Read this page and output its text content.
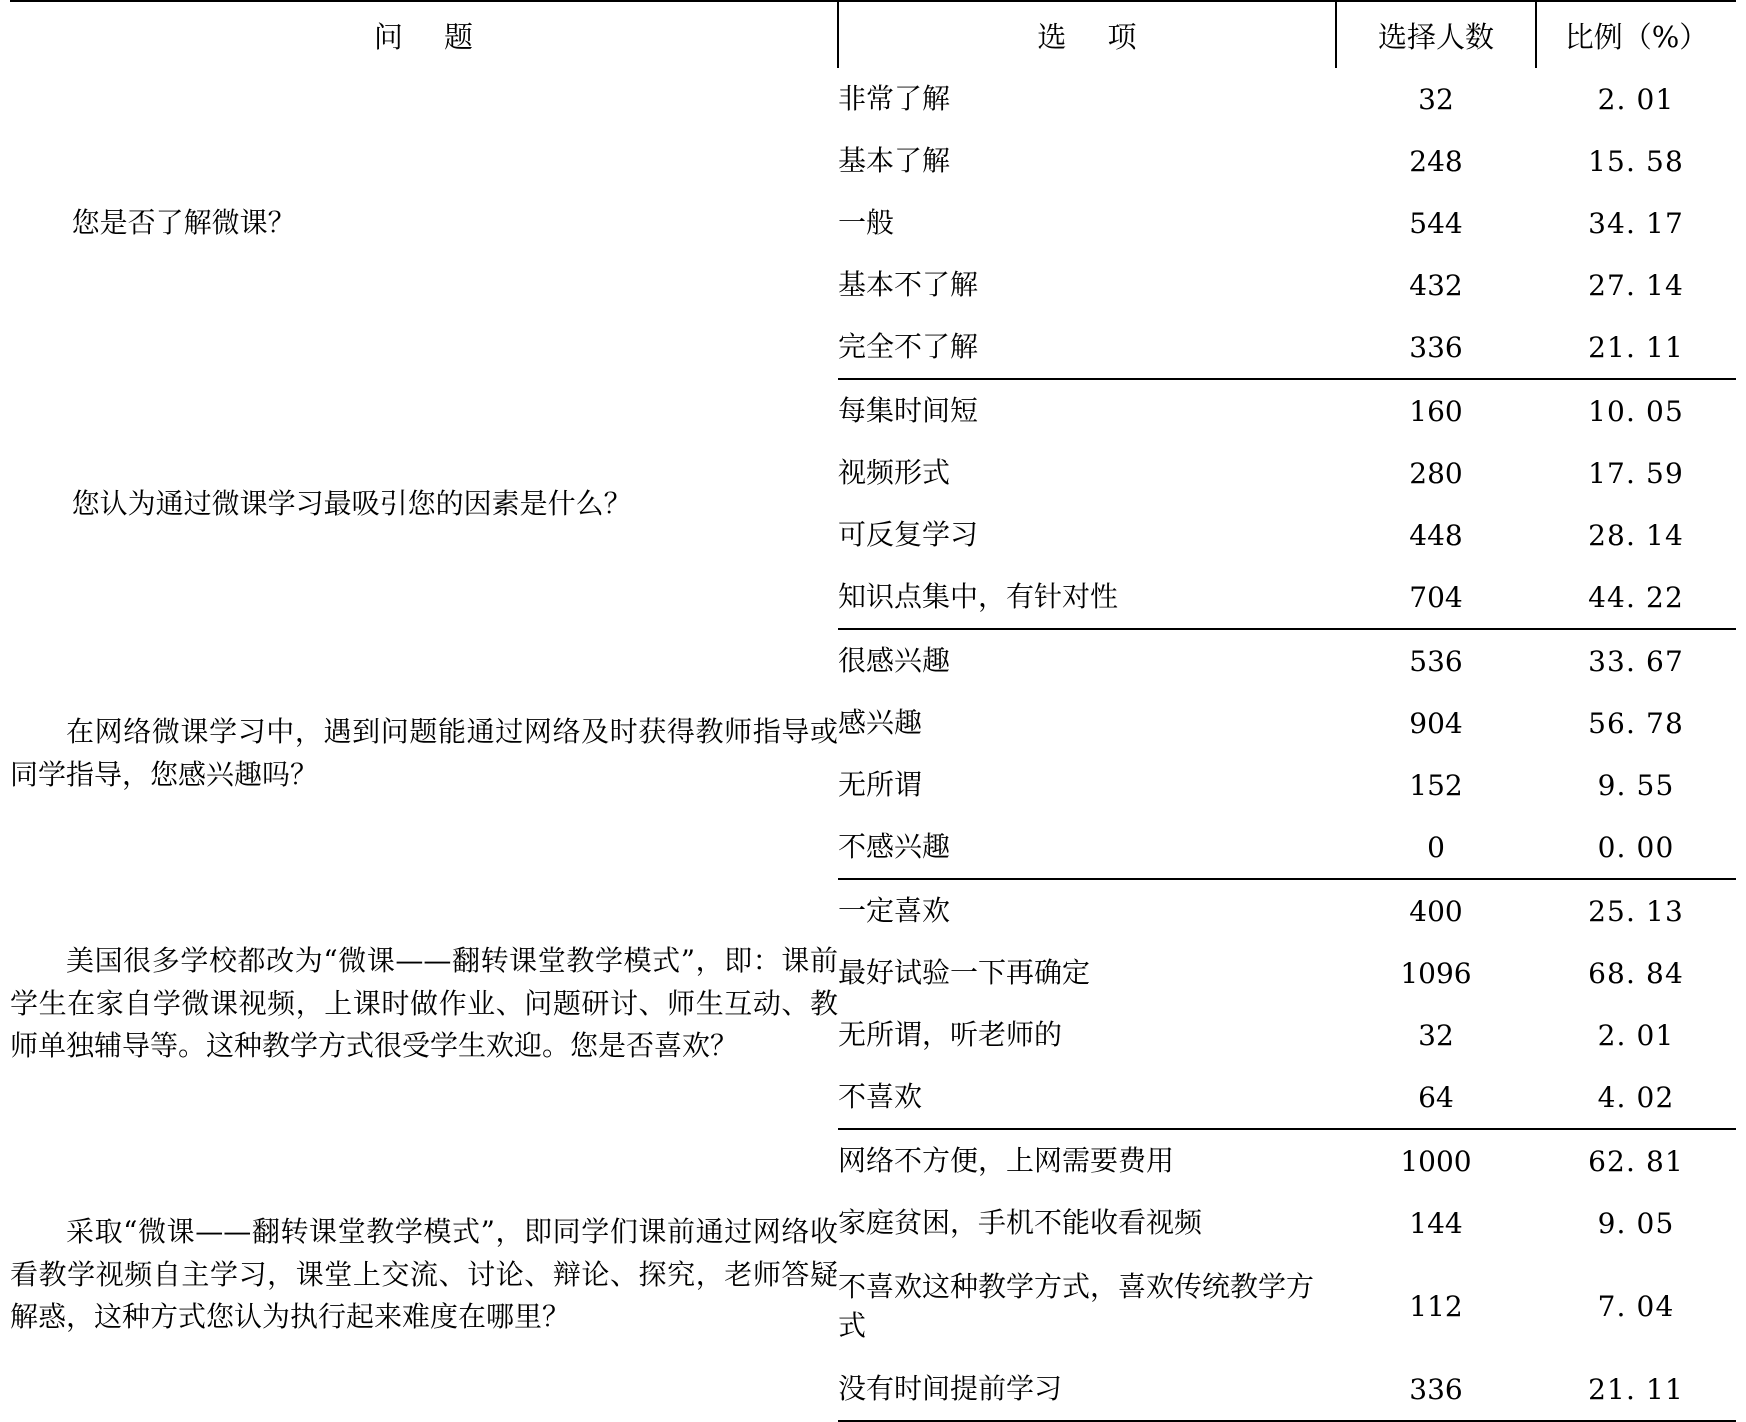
问 题	选 项	选择人数	比例（%）

您是否了解微课？	非常了解	32	2. 01
	基本了解	248	15. 58
	一般	544	34. 17
	基本不了解	432	27. 14
	完全不了解	336	21. 11

您认为通过微课学习最吸引您的因素是什么？	每集时间短	160	10. 05
	视频形式	280	17. 59
	可反复学习	448	28. 14
	知识点集中，有针对性	704	44. 22

在网络微课学习中，遇到问题能通过网络及时获得教师指导或同学指导，您感兴趣吗？	很感兴趣	536	33. 67
	感兴趣	904	56. 78
	无所谓	152	9. 55
	不感兴趣	0	0. 00

美国很多学校都改为“微课——翻转课堂教学模式”，即：课前学生在家自学微课视频，上课时做作业、问题研讨、师生互动、教师单独辅导等。这种教学方式很受学生欢迎。您是否喜欢？	一定喜欢	400	25. 13
	最好试验一下再确定	1096	68. 84
	无所谓，听老师的	32	2. 01
	不喜欢	64	4. 02

采取“微课——翻转课堂教学模式”，即同学们课前通过网络收看教学视频自主学习，课堂上交流、讨论、辩论、探究，老师答疑解惑，这种方式您认为执行起来难度在哪里？	网络不方便，上网需要费用	1000	62. 81
	家庭贫困，手机不能收看视频	144	9. 05
	不喜欢这种教学方式，喜欢传统教学方式	112	7. 04
	没有时间提前学习	336	21. 11
